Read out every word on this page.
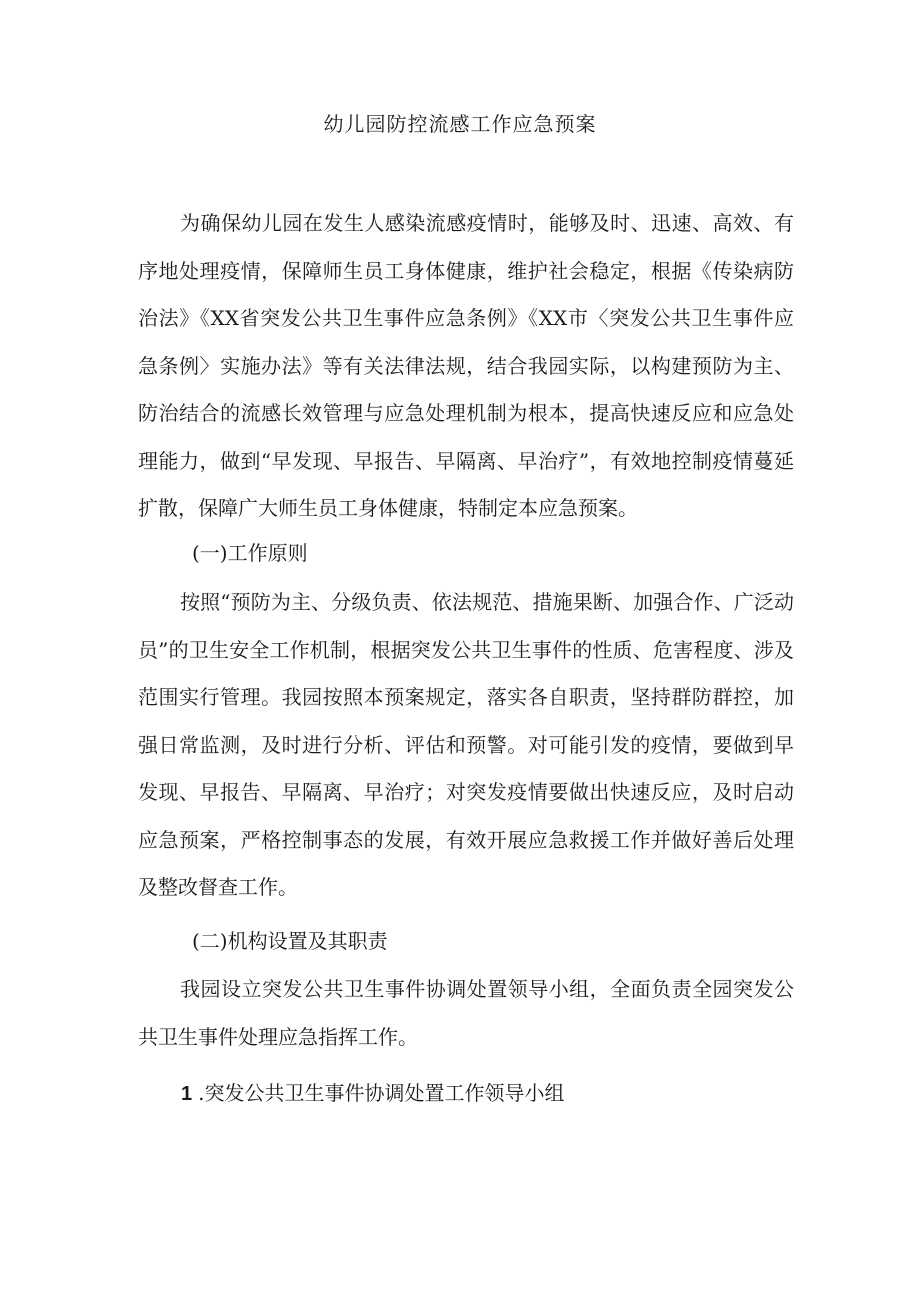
幼儿园防控流感工作应急预案

为确保幼儿园在发生人感染流感疫情时，能够及时、迅速、高效、有序地处理疫情，保障师生员工身体健康，维护社会稳定，根据《传染病防治法》《XX省突发公共卫生事件应急条例》《XX市〈突发公共卫生事件应急条例〉实施办法》等有关法律法规，结合我园实际，以构建预防为主、防治结合的流感长效管理与应急处理机制为根本，提高快速反应和应急处理能力，做到“早发现、早报告、早隔离、早治疗”，有效地控制疫情蔓延扩散，保障广大师生员工身体健康，特制定本应急预案。

(一)工作原则

按照“预防为主、分级负责、依法规范、措施果断、加强合作、广泛动员”的卫生安全工作机制，根据突发公共卫生事件的性质、危害程度、涉及范围实行管理。我园按照本预案规定，落实各自职责，坚持群防群控，加强日常监测，及时进行分析、评估和预警。对可能引发的疫情，要做到早发现、早报告、早隔离、早治疗；对突发疫情要做出快速反应，及时启动应急预案，严格控制事态的发展，有效开展应急救援工作并做好善后处理及整改督查工作。

(二)机构设置及其职责

我园设立突发公共卫生事件协调处置领导小组，全面负责全园突发公共卫生事件处理应急指挥工作。

1 .突发公共卫生事件协调处置工作领导小组
